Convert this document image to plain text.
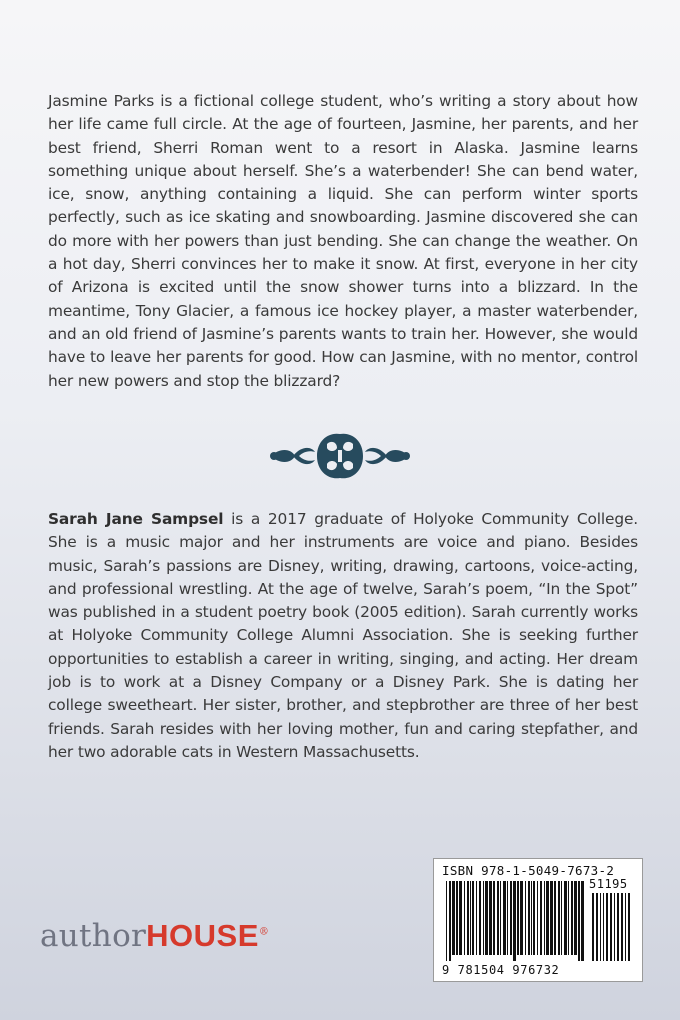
Jasmine Parks is a fictional college student, who’s writing a story about how her life came full circle. At the age of fourteen, Jasmine, her parents, and her best friend, Sherri Roman went to a resort in Alaska. Jasmine learns something unique about herself. She’s a waterbender! She can bend water, ice, snow, anything containing a liquid. She can perform winter sports perfectly, such as ice skating and snowboarding. Jasmine discovered she can do more with her powers than just bending. She can change the weather. On a hot day, Sherri convinces her to make it snow. At first, everyone in her city of Arizona is excited until the snow shower turns into a blizzard. In the meantime, Tony Glacier, a famous ice hockey player, a master waterbender, and an old friend of Jasmine’s parents wants to train her. However, she would have to leave her parents for good. How can Jasmine, with no mentor, control her new powers and stop the blizzard?

Sarah Jane Sampsel is a 2017 graduate of Holyoke Community College. She is a music major and her instruments are voice and piano. Besides music, Sarah’s passions are Disney, writing, drawing, cartoons, voice-acting, and professional wrestling. At the age of twelve, Sarah’s poem, “In the Spot” was published in a student poetry book (2005 edition). Sarah currently works at Holyoke Community College Alumni Association. She is seeking further opportunities to establish a career in writing, singing, and acting. Her dream job is to work at a Disney Company or a Disney Park. She is dating her college sweetheart. Her sister, brother, and stepbrother are three of her best friends. Sarah resides with her loving mother, fun and caring stepfather, and her two adorable cats in Western Massachusetts.

authorHOUSE®
ISBN 978-1-5049-7673-2
51195
9 781504 976732
